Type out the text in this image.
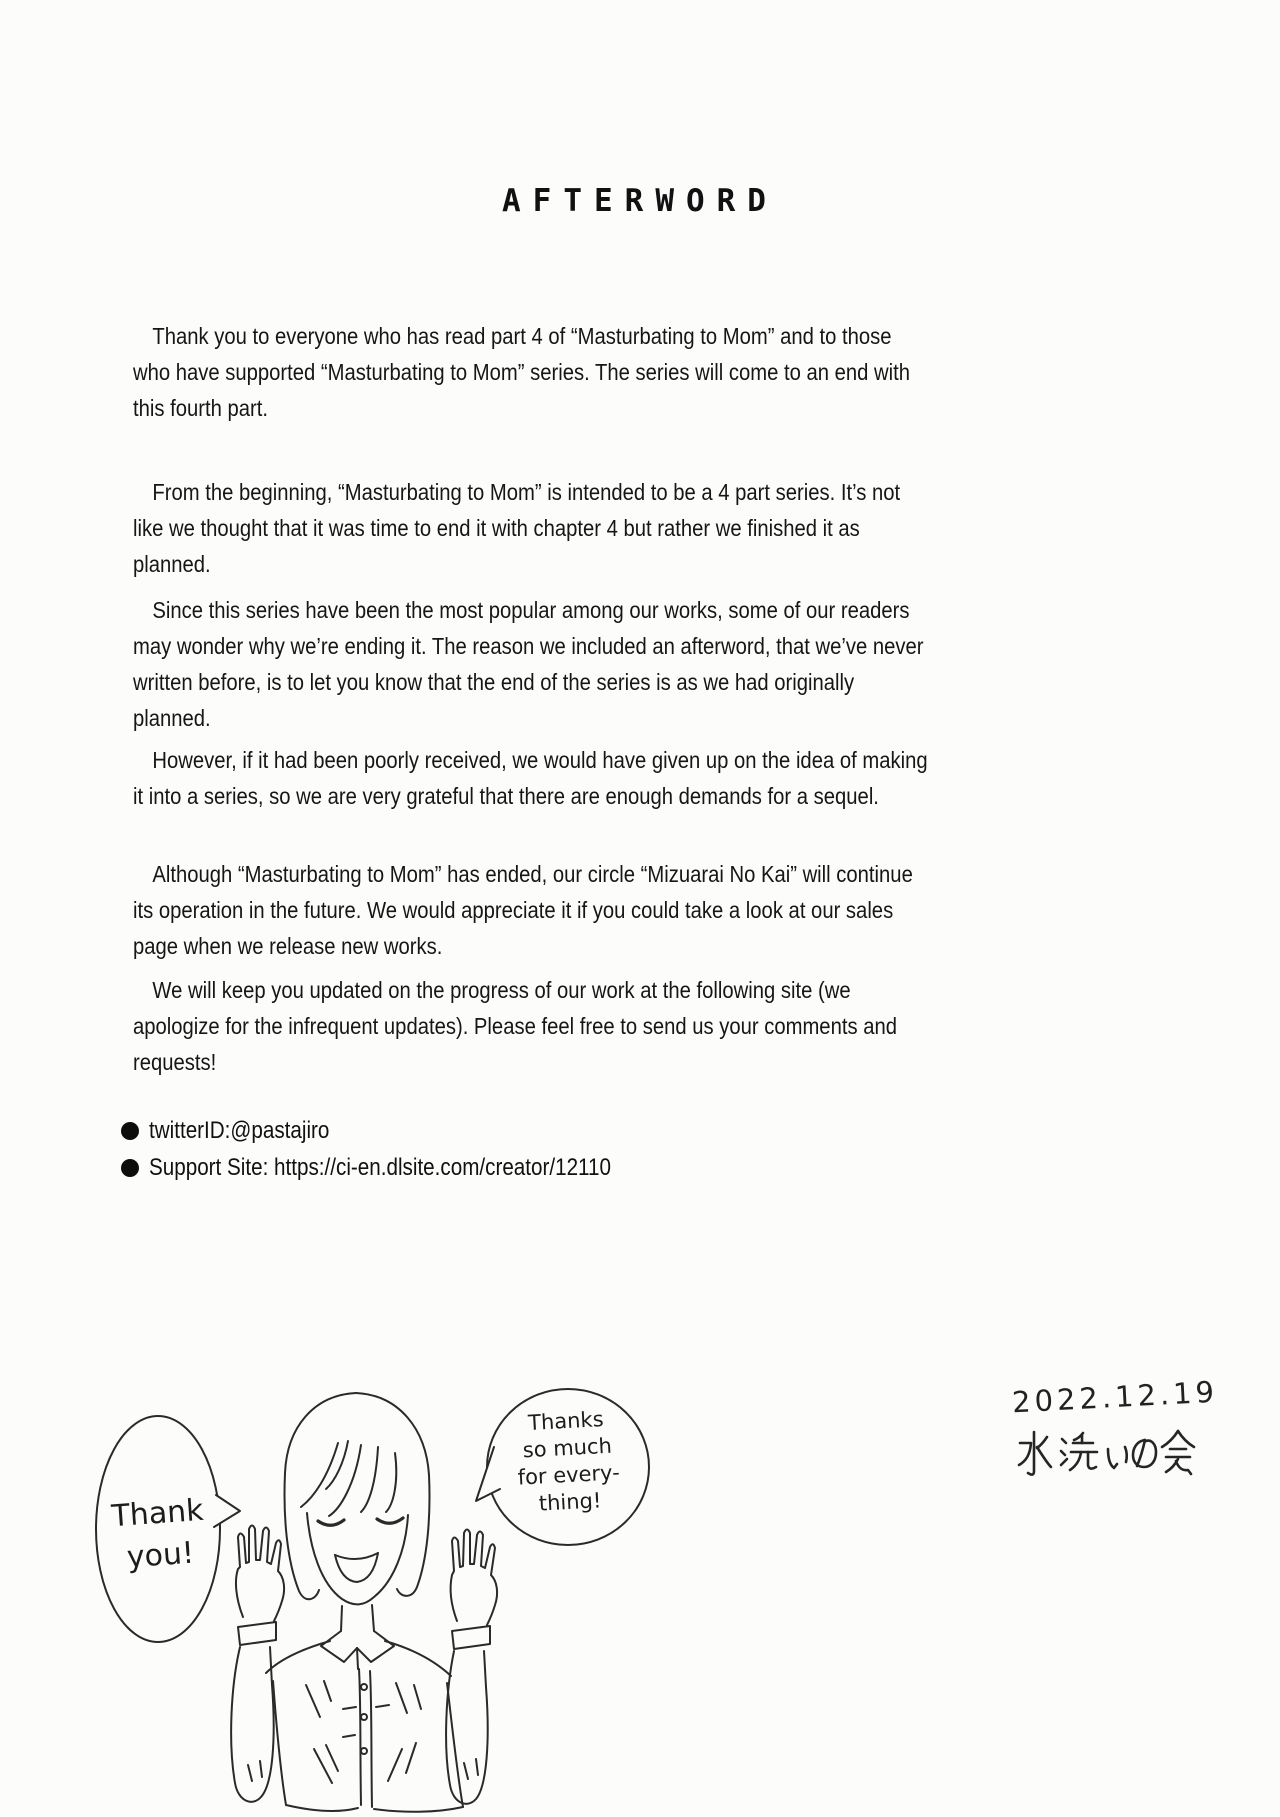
AFTERWORD
Thank you to everyone who has read part 4 of “Masturbating to Mom” and to those
who have supported “Masturbating to Mom” series. The series will come to an end with
this fourth part.
From the beginning, “Masturbating to Mom” is intended to be a 4 part series. It’s not
like we thought that it was time to end it with chapter 4 but rather we finished it as
planned.
Since this series have been the most popular among our works, some of our readers
may wonder why we’re ending it. The reason we included an afterword, that we’ve never
written before, is to let you know that the end of the series is as we had originally
planned.
However, if it had been poorly received, we would have given up on the idea of making
it into a series, so we are very grateful that there are enough demands for a sequel.
Although “Masturbating to Mom” has ended, our circle “Mizuarai No Kai” will continue
its operation in the future. We would appreciate it if you could take a look at our sales
page when we release new works.
We will keep you updated on the progress of our work at the following site (we
apologize for the infrequent updates). Please feel free to send us your comments and
requests!
twitterID:@pastajiro
Support Site: https://ci-en.dlsite.com/creator/12110
2022.12.19
Thank
you!
Thanks
so much
for every-
thing!
